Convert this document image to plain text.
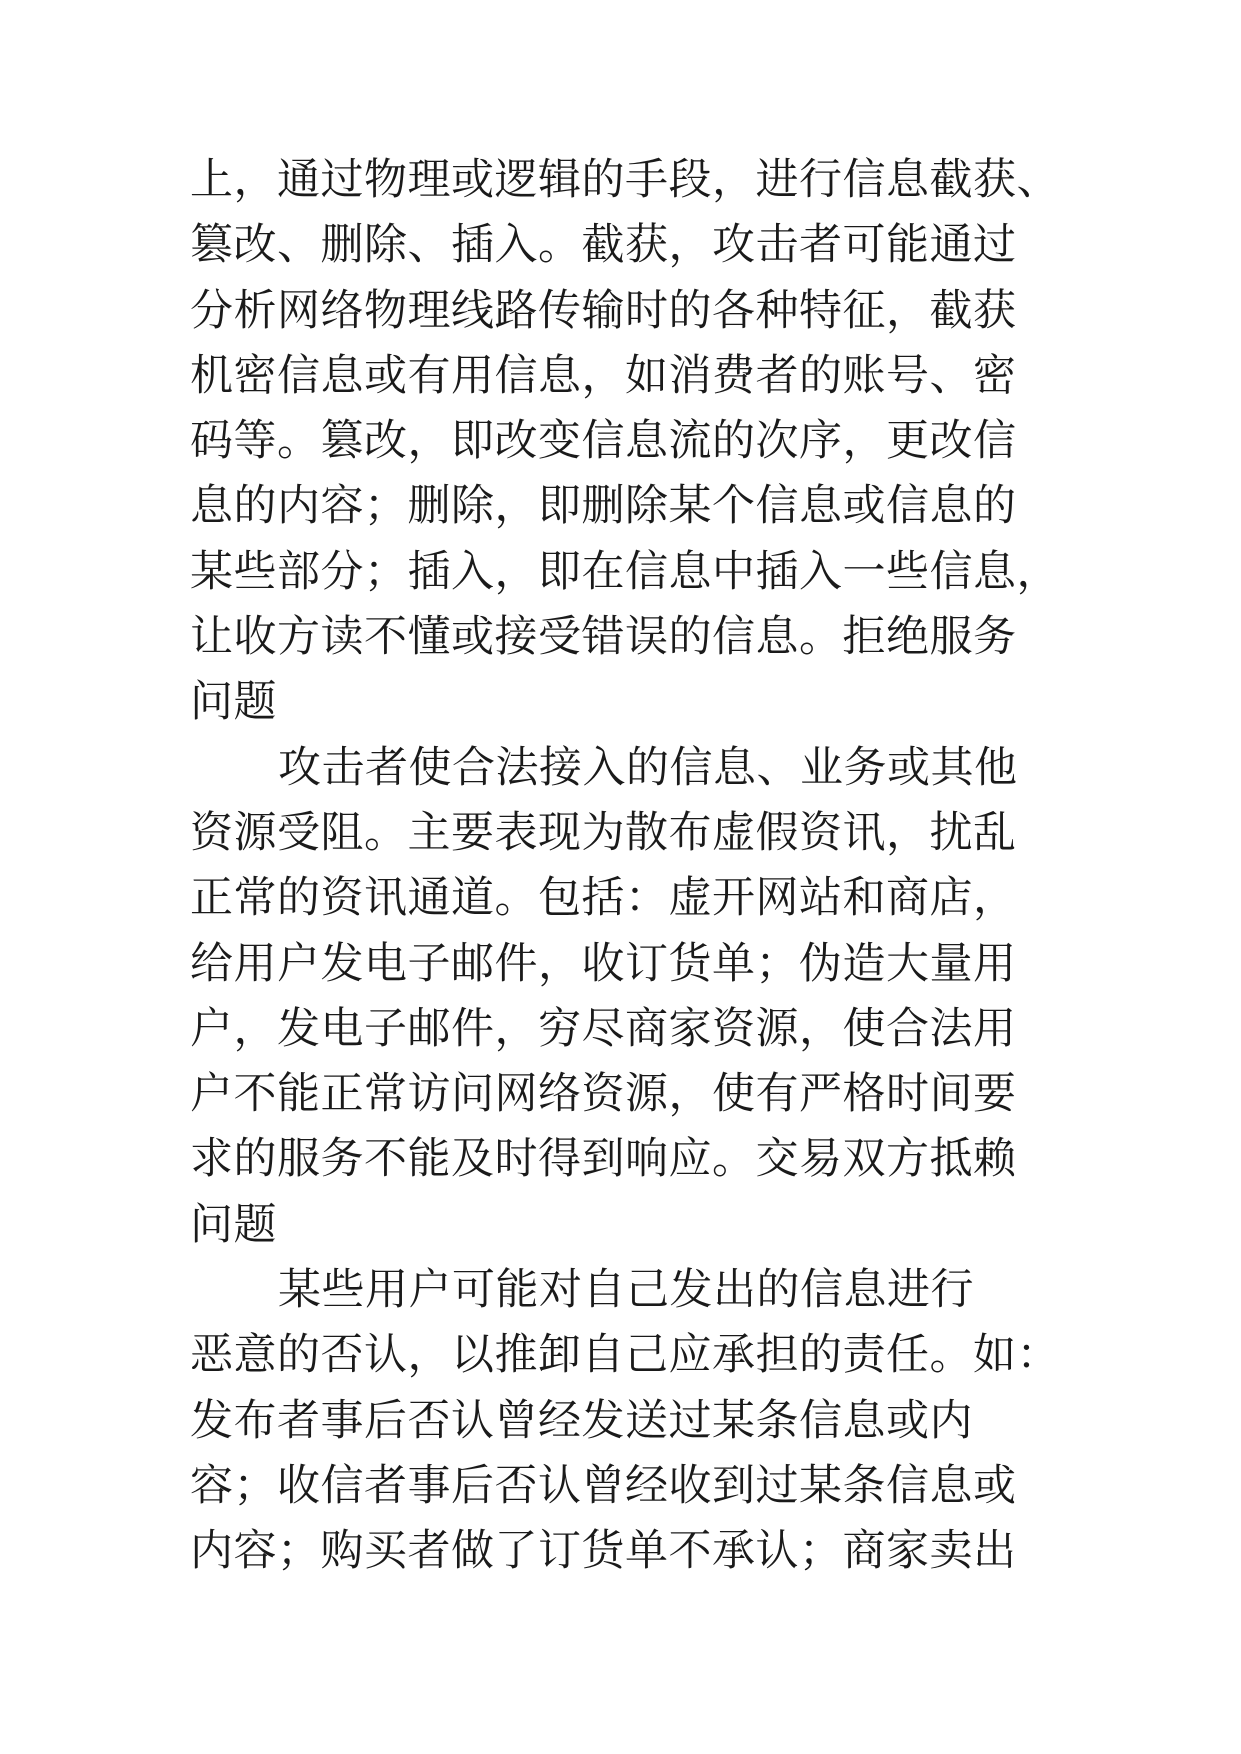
上，通过物理或逻辑的手段，进行信息截获、
篡改、删除、插入。截获，攻击者可能通过
分析网络物理线路传输时的各种特征，截获
机密信息或有用信息，如消费者的账号、密
码等。篡改，即改变信息流的次序，更改信
息的内容；删除，即删除某个信息或信息的
某些部分；插入，即在信息中插入一些信息，
让收方读不懂或接受错误的信息。拒绝服务
问题
攻击者使合法接入的信息、业务或其他
资源受阻。主要表现为散布虚假资讯，扰乱
正常的资讯通道。包括：虚开网站和商店，
给用户发电子邮件，收订货单；伪造大量用
户，发电子邮件，穷尽商家资源，使合法用
户不能正常访问网络资源，使有严格时间要
求的服务不能及时得到响应。交易双方抵赖
问题
某些用户可能对自己发出的信息进行
恶意的否认，以推卸自己应承担的责任。如：
发布者事后否认曾经发送过某条信息或内
容；收信者事后否认曾经收到过某条信息或
内容；购买者做了订货单不承认；商家卖出
